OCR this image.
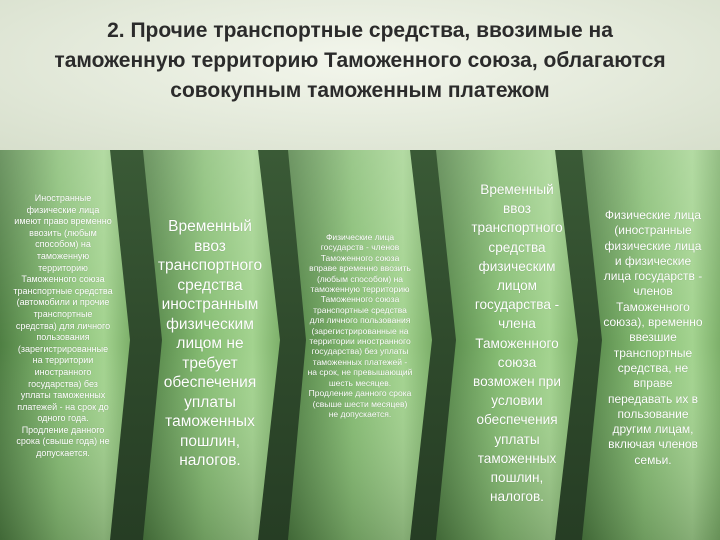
2. Прочие транспортные средства, ввозимые на
таможенную территорию Таможенного союза, облагаются
совокупным таможенным платежом
Иностранные
физические лица
имеют право временно
ввозить (любым
способом) на
таможенную
территорию
Таможенного союза
транспортные средства
(автомобили и прочие
транспортные
средства) для личного
пользования
(зарегистрированные
на территории
иностранного
государства) без
уплаты таможенных
платежей - на срок до
одного года.
Продление данного
срока (свыше года) не
допускается.
Временный
ввоз
транспортного
средства
иностранным
физическим
лицом не
требует
обеспечения
уплаты
таможенных
пошлин,
налогов.
Физические лица
государств - членов
Таможенного союза
вправе временно ввозить
(любым способом) на
таможенную территорию
Таможенного союза
транспортные средства
для личного пользования
(зарегистрированные на
территории иностранного
государства) без уплаты
таможенных платежей -
на срок, не превышающий
шесть месяцев.
Продление данного срока
(свыше шести месяцев)
не допускается.
Временный
ввоз
транспортного
средства
физическим
лицом
государства -
члена
Таможенного
союза
возможен при
условии
обеспечения
уплаты
таможенных
пошлин,
налогов.
Физические лица
(иностранные
физические лица
и физические
лица государств -
членов
Таможенного
союза), временно
ввезшие
транспортные
средства, не
вправе
передавать их в
пользование
другим лицам,
включая членов
семьи.
